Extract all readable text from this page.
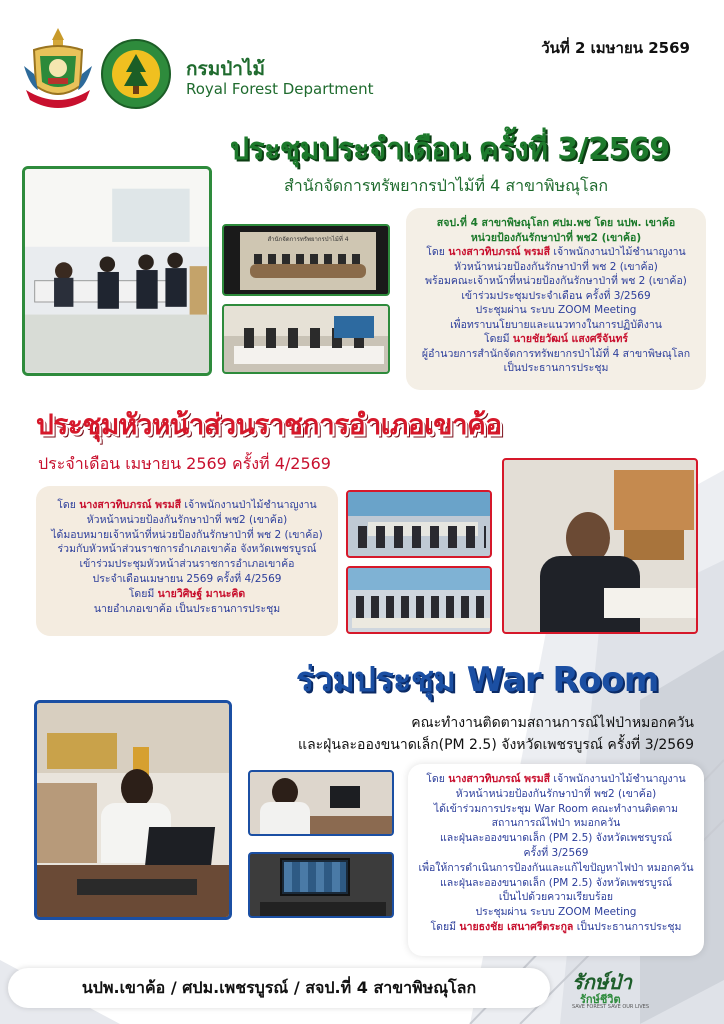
วันที่ 2 เมษายน 2569
กรมป่าไม้
Royal Forest Department
ประชุมประจำเดือน ครั้งที่ 3/2569
สำนักจัดการทรัพยากรป่าไม้ที่ 4 สาขาพิษณุโลก
สำนักจัดการทรัพยากรป่าไม้ที่ 4
สจป.ที่ 4 สาขาพิษณุโลก ศปม.พช โดย นปพ. เขาค้อ
หน่วยป้องกันรักษาป่าที่ พช2 (เขาค้อ)
โดย นางสาวทิบภรณ์ พรมสี เจ้าพนักงานป่าไม้ชำนาญงาน
หัวหน้าหน่วยป้องกันรักษาป่าที่ พช 2 (เขาค้อ)
พร้อมคณะเจ้าหน้าที่หน่วยป้องกันรักษาป่าที่ พช 2 (เขาค้อ)
เข้าร่วมประชุมประจำเดือน ครั้งที่ 3/2569
ประชุมผ่าน ระบบ ZOOM Meeting
เพื่อทราบนโยบายและแนวทางในการปฏิบัติงาน
โดยมี นายชัยวัฒน์ แสงศรีจันทร์
ผู้อำนวยการสำนักจัดการทรัพยากรป่าไม้ที่ 4 สาขาพิษณุโลก
เป็นประธานการประชุม
ประชุมหัวหน้าส่วนราชการอำเภอเขาค้อ
ประจำเดือน เมษายน 2569 ครั้งที่ 4/2569
โดย นางสาวทิบภรณ์ พรมสี เจ้าพนักงานป่าไม้ชำนาญงาน
หัวหน้าหน่วยป้องกันรักษาป่าที่ พช2 (เขาค้อ)
ได้มอบหมายเจ้าหน้าที่หน่วยป้องกันรักษาป่าที่ พช 2 (เขาค้อ)
ร่วมกับหัวหน้าส่วนราชการอำเภอเขาค้อ จังหวัดเพชรบูรณ์
เข้าร่วมประชุมหัวหน้าส่วนราชการอำเภอเขาค้อ
ประจำเดือนเมษายน 2569 ครั้งที่ 4/2569
โดยมี นายวิศิษฐ์ มานะคิด
นายอำเภอเขาค้อ เป็นประธานการประชุม
ร่วมประชุม War Room
คณะทำงานติดตามสถานการณ์ไฟป่าหมอกควัน
และฝุ่นละอองขนาดเล็ก(PM 2.5) จังหวัดเพชรบูรณ์ ครั้งที่ 3/2569
โดย นางสาวทิบภรณ์ พรมสี เจ้าพนักงานป่าไม้ชำนาญงาน
หัวหน้าหน่วยป้องกันรักษาป่าที่ พช2 (เขาค้อ)
ได้เข้าร่วมการประชุม War Room คณะทำงานติดตาม
สถานการณ์ไฟป่า หมอกควัน
และฝุ่นละอองขนาดเล็ก (PM 2.5) จังหวัดเพชรบูรณ์
ครั้งที่ 3/2569
เพื่อให้การดำเนินการป้องกันและแก้ไขปัญหาไฟป่า หมอกควัน
และฝุ่นละอองขนาดเล็ก (PM 2.5) จังหวัดเพชรบูรณ์
เป็นไปด้วยความเรียบร้อย
ประชุมผ่าน ระบบ ZOOM Meeting
โดยมี นายธงชัย เสนาศรีตระกูล เป็นประธานการประชุม
นปพ.เขาค้อ / ศปม.เพชรบูรณ์ / สจป.ที่ 4 สาขาพิษณุโลก	รักษ์ป่า
รักษ์ชีวิต
SAVE FOREST SAVE OUR LIVES
